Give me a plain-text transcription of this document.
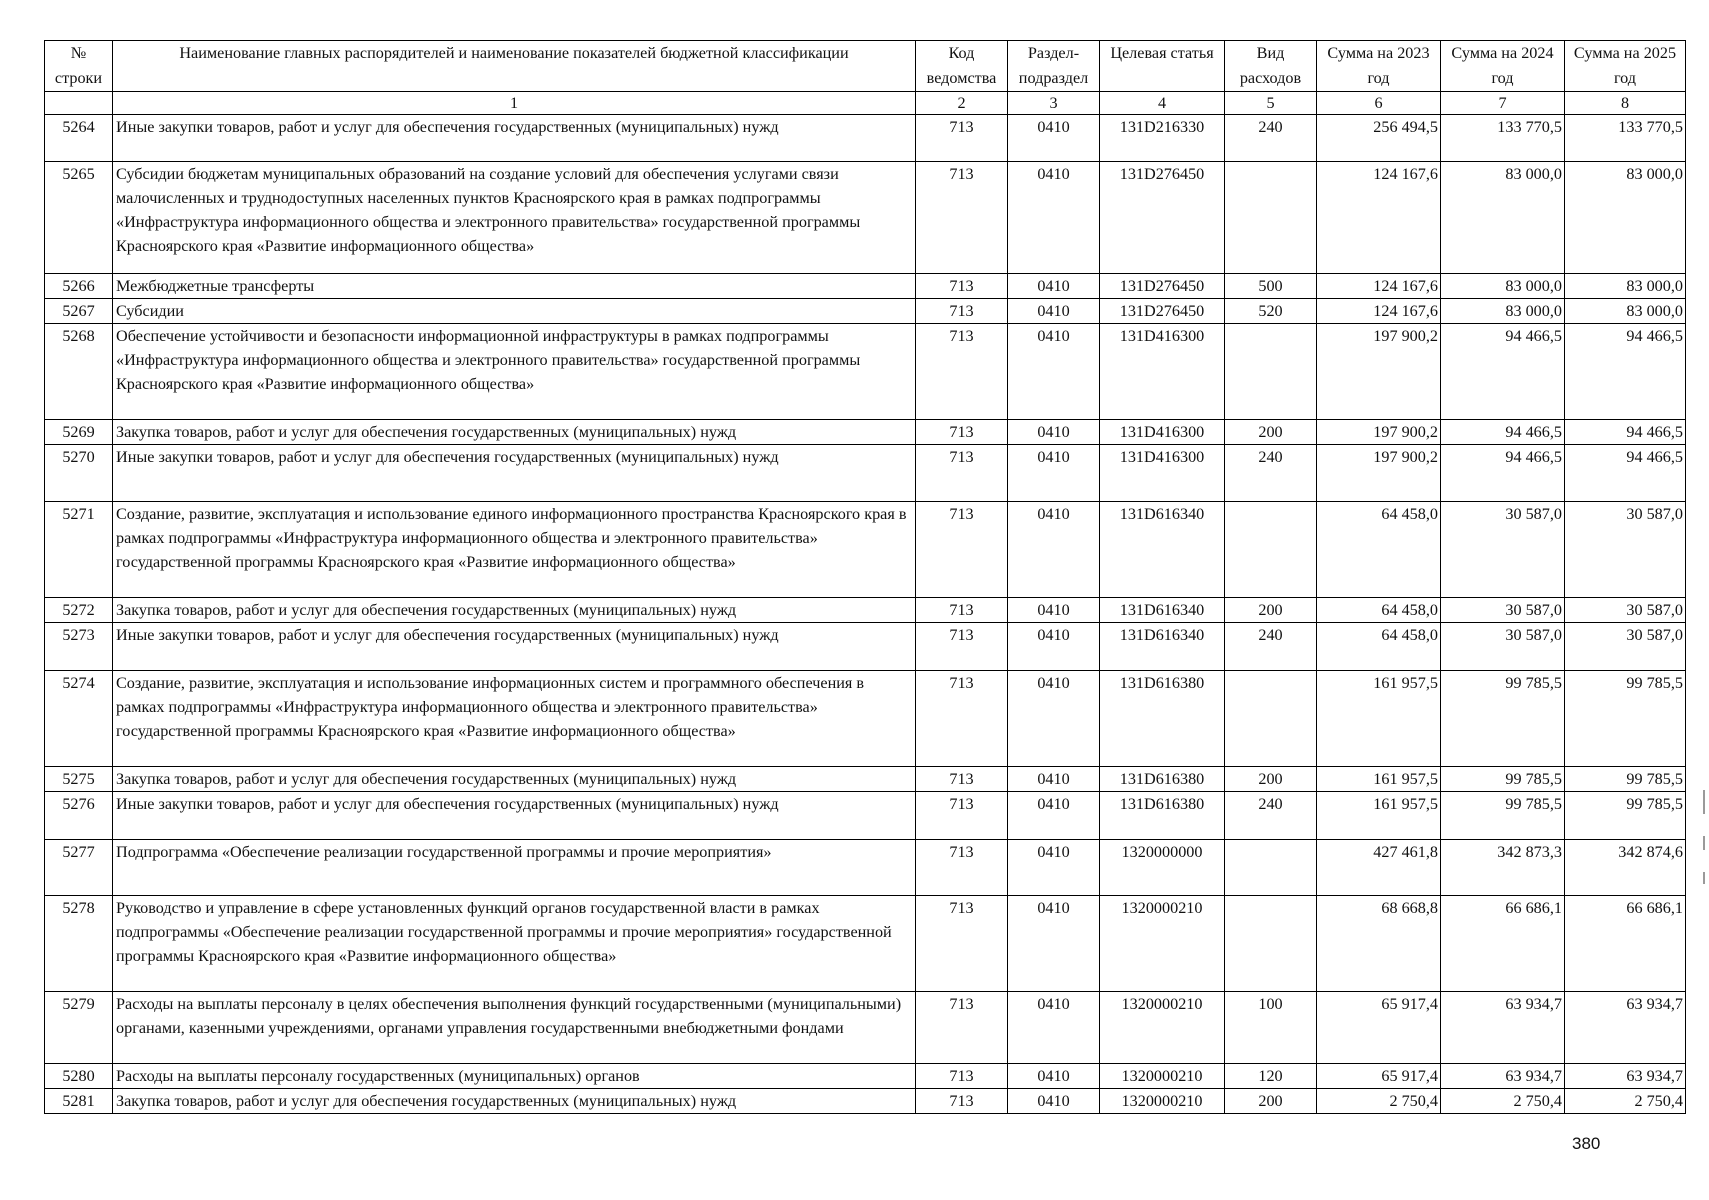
№ строки	Наименование главных распорядителей и наименование показателей бюджетной классификации	Код ведомства	Раздел-подраздел	Целевая статья	Вид расходов	Сумма на 2023 год	Сумма на 2024 год	Сумма на 2025 год
	1	2	3	4	5	6	7	8
5264	Иные закупки товаров, работ и услуг для обеспечения государственных (муниципальных) нужд	713	0410	131D216330	240	256 494,5	133 770,5	133 770,5
5265	Субсидии бюджетам муниципальных образований на создание условий для обеспечения услугами связи малочисленных и труднодоступных населенных пунктов Красноярского края в рамках подпрограммы «Инфраструктура информационного общества и электронного правительства» государственной программы Красноярского края «Развитие информационного общества»	713	0410	131D276450		124 167,6	83 000,0	83 000,0
5266	Межбюджетные трансферты	713	0410	131D276450	500	124 167,6	83 000,0	83 000,0
5267	Субсидии	713	0410	131D276450	520	124 167,6	83 000,0	83 000,0
5268	Обеспечение устойчивости и безопасности информационной инфраструктуры в рамках подпрограммы «Инфраструктура информационного общества и электронного правительства» государственной программы Красноярского края «Развитие информационного общества»	713	0410	131D416300		197 900,2	94 466,5	94 466,5
5269	Закупка товаров, работ и услуг для обеспечения государственных (муниципальных) нужд	713	0410	131D416300	200	197 900,2	94 466,5	94 466,5
5270	Иные закупки товаров, работ и услуг для обеспечения государственных (муниципальных) нужд	713	0410	131D416300	240	197 900,2	94 466,5	94 466,5
5271	Создание, развитие, эксплуатация и использование единого информационного пространства Красноярского края в рамках подпрограммы «Инфраструктура информационного общества и электронного правительства» государственной программы Красноярского края «Развитие информационного общества»	713	0410	131D616340		64 458,0	30 587,0	30 587,0
5272	Закупка товаров, работ и услуг для обеспечения государственных (муниципальных) нужд	713	0410	131D616340	200	64 458,0	30 587,0	30 587,0
5273	Иные закупки товаров, работ и услуг для обеспечения государственных (муниципальных) нужд	713	0410	131D616340	240	64 458,0	30 587,0	30 587,0
5274	Создание, развитие, эксплуатация и использование информационных систем и программного обеспечения в рамках подпрограммы «Инфраструктура информационного общества и электронного правительства» государственной программы Красноярского края «Развитие информационного общества»	713	0410	131D616380		161 957,5	99 785,5	99 785,5
5275	Закупка товаров, работ и услуг для обеспечения государственных (муниципальных) нужд	713	0410	131D616380	200	161 957,5	99 785,5	99 785,5
5276	Иные закупки товаров, работ и услуг для обеспечения государственных (муниципальных) нужд	713	0410	131D616380	240	161 957,5	99 785,5	99 785,5
5277	Подпрограмма «Обеспечение реализации государственной программы и прочие мероприятия»	713	0410	1320000000		427 461,8	342 873,3	342 874,6
5278	Руководство и управление в сфере установленных функций органов государственной власти в рамках подпрограммы «Обеспечение реализации государственной программы и прочие мероприятия» государственной программы Красноярского края «Развитие информационного общества»	713	0410	1320000210		68 668,8	66 686,1	66 686,1
5279	Расходы на выплаты персоналу в целях обеспечения выполнения функций государственными (муниципальными) органами, казенными учреждениями, органами управления государственными внебюджетными фондами	713	0410	1320000210	100	65 917,4	63 934,7	63 934,7
5280	Расходы на выплаты персоналу государственных (муниципальных) органов	713	0410	1320000210	120	65 917,4	63 934,7	63 934,7
5281	Закупка товаров, работ и услуг для обеспечения государственных (муниципальных) нужд	713	0410	1320000210	200	2 750,4	2 750,4	2 750,4
380
